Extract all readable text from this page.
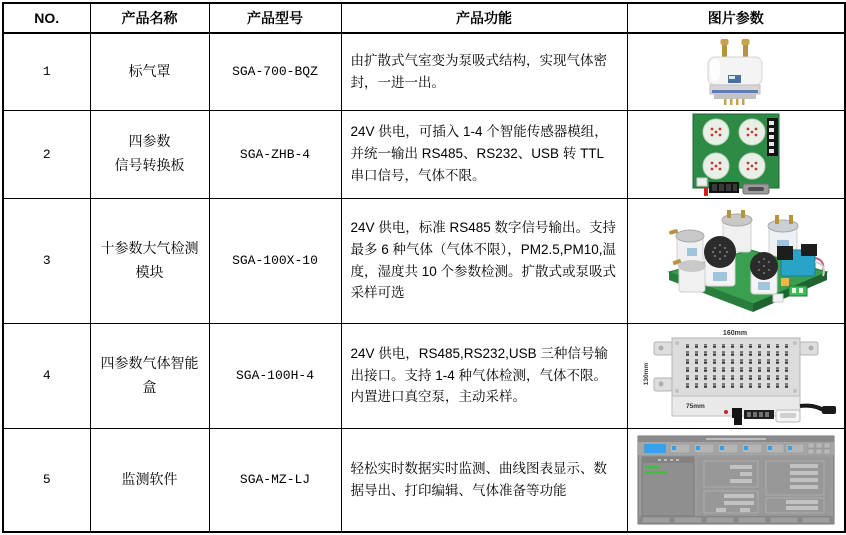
NO.	产品名称	产品型号	产品功能	图片参数
1	标气罩	SGA-700-BQZ	由扩散式气室变为泵吸式结构，实现气体密封，一进一出。	

2	四参数
信号转换板	SGA-ZHB-4	24V 供电，可插入 1-4 个智能传感器模组，并统一输出 RS485、RS232、USB 转 TTL 串口信号，气体不限。	

3	十参数大气检测
模块	SGA-100X-10	24V 供电，标准 RS485 数字信号输出。支持最多 6 种气体（气体不限），PM2.5,PM10,温度，湿度共 10 个参数检测。扩散式或泵吸式采样可选	

4	四参数气体智能
盒	SGA-100H-4	24V 供电，RS485,RS232,USB 三种信号输出接口。支持 1-4 种气体检测，气体不限。内置进口真空泵，主动采样。	160mm
130mm
75mm

5	监测软件	SGA-MZ-LJ	轻松实时数据实时监测、曲线图表显示、数据导出、打印编辑、气体准备等功能	
